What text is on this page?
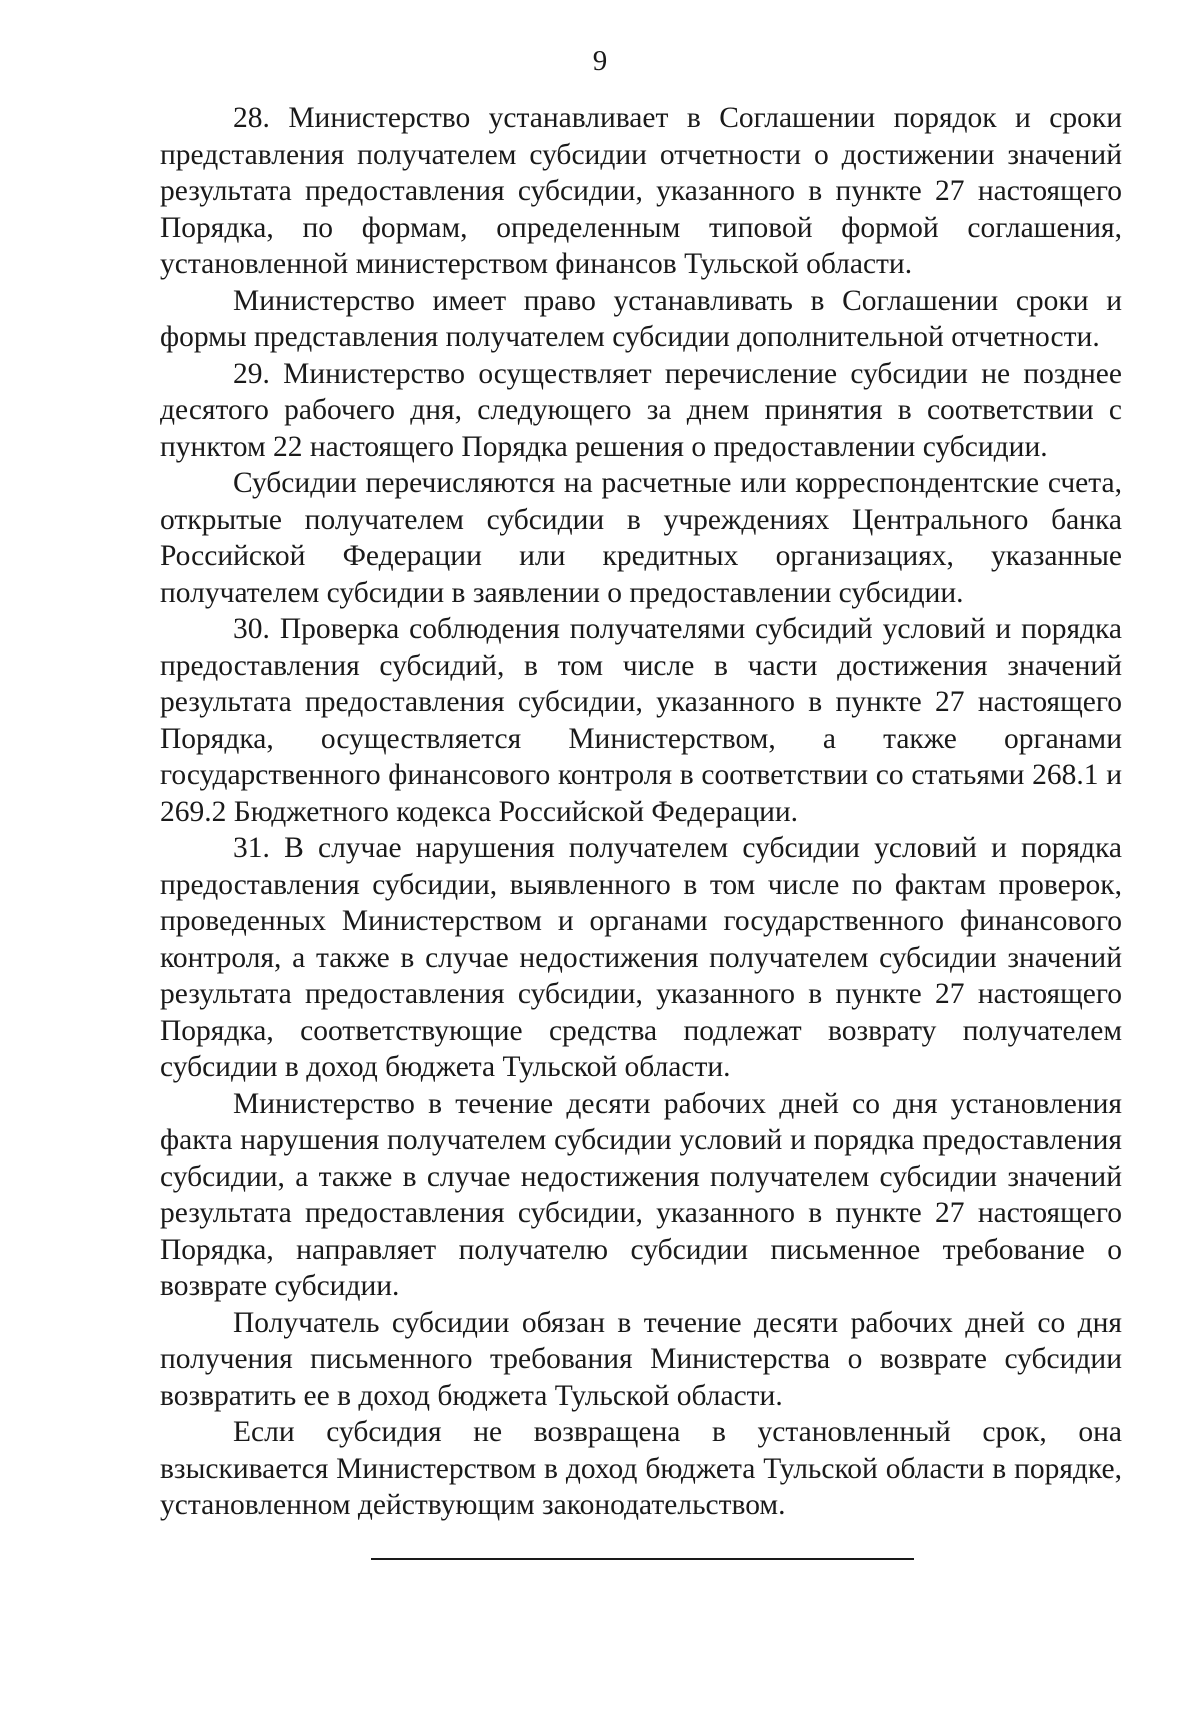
9

28. Министерство устанавливает в Соглашении порядок и сроки представления получателем субсидии отчетности о достижении значений результата предоставления субсидии, указанного в пункте 27 настоящего Порядка, по формам, определенным типовой формой соглашения, установленной министерством финансов Тульской области.

Министерство имеет право устанавливать в Соглашении сроки и формы представления получателем субсидии дополнительной отчетности.

29. Министерство осуществляет перечисление субсидии не позднее десятого рабочего дня, следующего за днем принятия в соответствии с пунктом 22 настоящего Порядка решения о предоставлении субсидии.

Субсидии перечисляются на расчетные или корреспондентские счета, открытые получателем субсидии в учреждениях Центрального банка Российской Федерации или кредитных организациях, указанные получателем субсидии в заявлении о предоставлении субсидии.

30. Проверка соблюдения получателями субсидий условий и порядка предоставления субсидий, в том числе в части достижения значений результата предоставления субсидии, указанного в пункте 27 настоящего Порядка, осуществляется Министерством, а также органами государственного финансового контроля в соответствии со статьями 268.1 и 269.2 Бюджетного кодекса Российской Федерации.

31. В случае нарушения получателем субсидии условий и порядка предоставления субсидии, выявленного в том числе по фактам проверок, проведенных Министерством и органами государственного финансового контроля, а также в случае недостижения получателем субсидии значений результата предоставления субсидии, указанного в пункте 27 настоящего Порядка, соответствующие средства подлежат возврату получателем субсидии в доход бюджета Тульской области.

Министерство в течение десяти рабочих дней со дня установления факта нарушения получателем субсидии условий и порядка предоставления субсидии, а также в случае недостижения получателем субсидии значений результата предоставления субсидии, указанного в пункте 27 настоящего Порядка, направляет получателю субсидии письменное требование о возврате субсидии.

Получатель субсидии обязан в течение десяти рабочих дней со дня получения письменного требования Министерства о возврате субсидии возвратить ее в доход бюджета Тульской области.

Если субсидия не возвращена в установленный срок, она взыскивается Министерством в доход бюджета Тульской области в порядке, установленном действующим законодательством.
